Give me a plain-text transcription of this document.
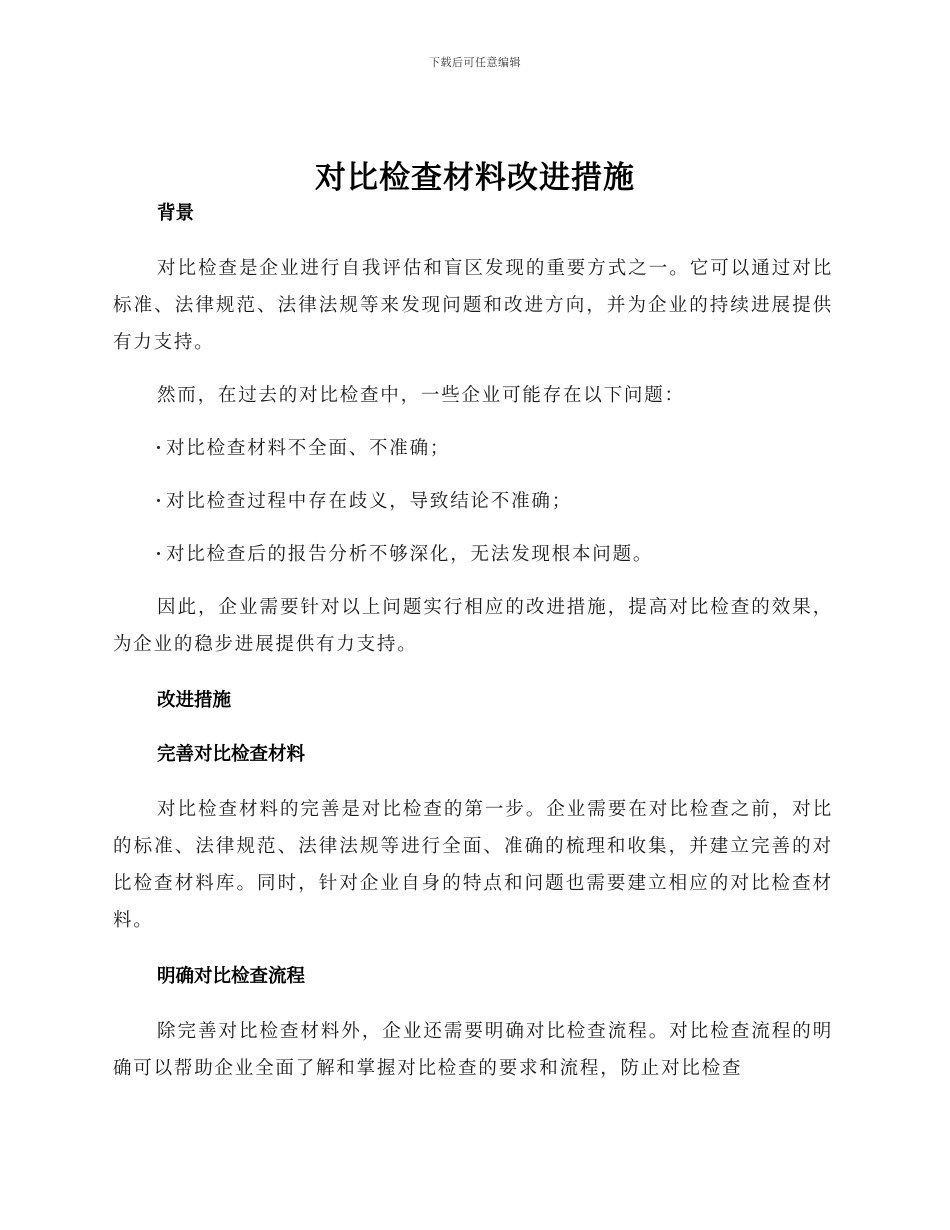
下载后可任意编辑
对比检查材料改进措施

背景

对比检查是企业进行自我评估和盲区发现的重要方式之一。它可以通过对比标准、法律规范、法律法规等来发现问题和改进方向，并为企业的持续进展提供有力支持。

然而，在过去的对比检查中，一些企业可能存在以下问题：

对比检查材料不全面、不准确；

对比检查过程中存在歧义，导致结论不准确；

对比检查后的报告分析不够深化，无法发现根本问题。

因此，企业需要针对以上问题实行相应的改进措施，提高对比检查的效果，为企业的稳步进展提供有力支持。

改进措施

完善对比检查材料

对比检查材料的完善是对比检查的第一步。企业需要在对比检查之前，对比的标准、法律规范、法律法规等进行全面、准确的梳理和收集，并建立完善的对比检查材料库。同时，针对企业自身的特点和问题也需要建立相应的对比检查材料。

明确对比检查流程

除完善对比检查材料外，企业还需要明确对比检查流程。对比检查流程的明确可以帮助企业全面了解和掌握对比检查的要求和流程，防止对比检查
